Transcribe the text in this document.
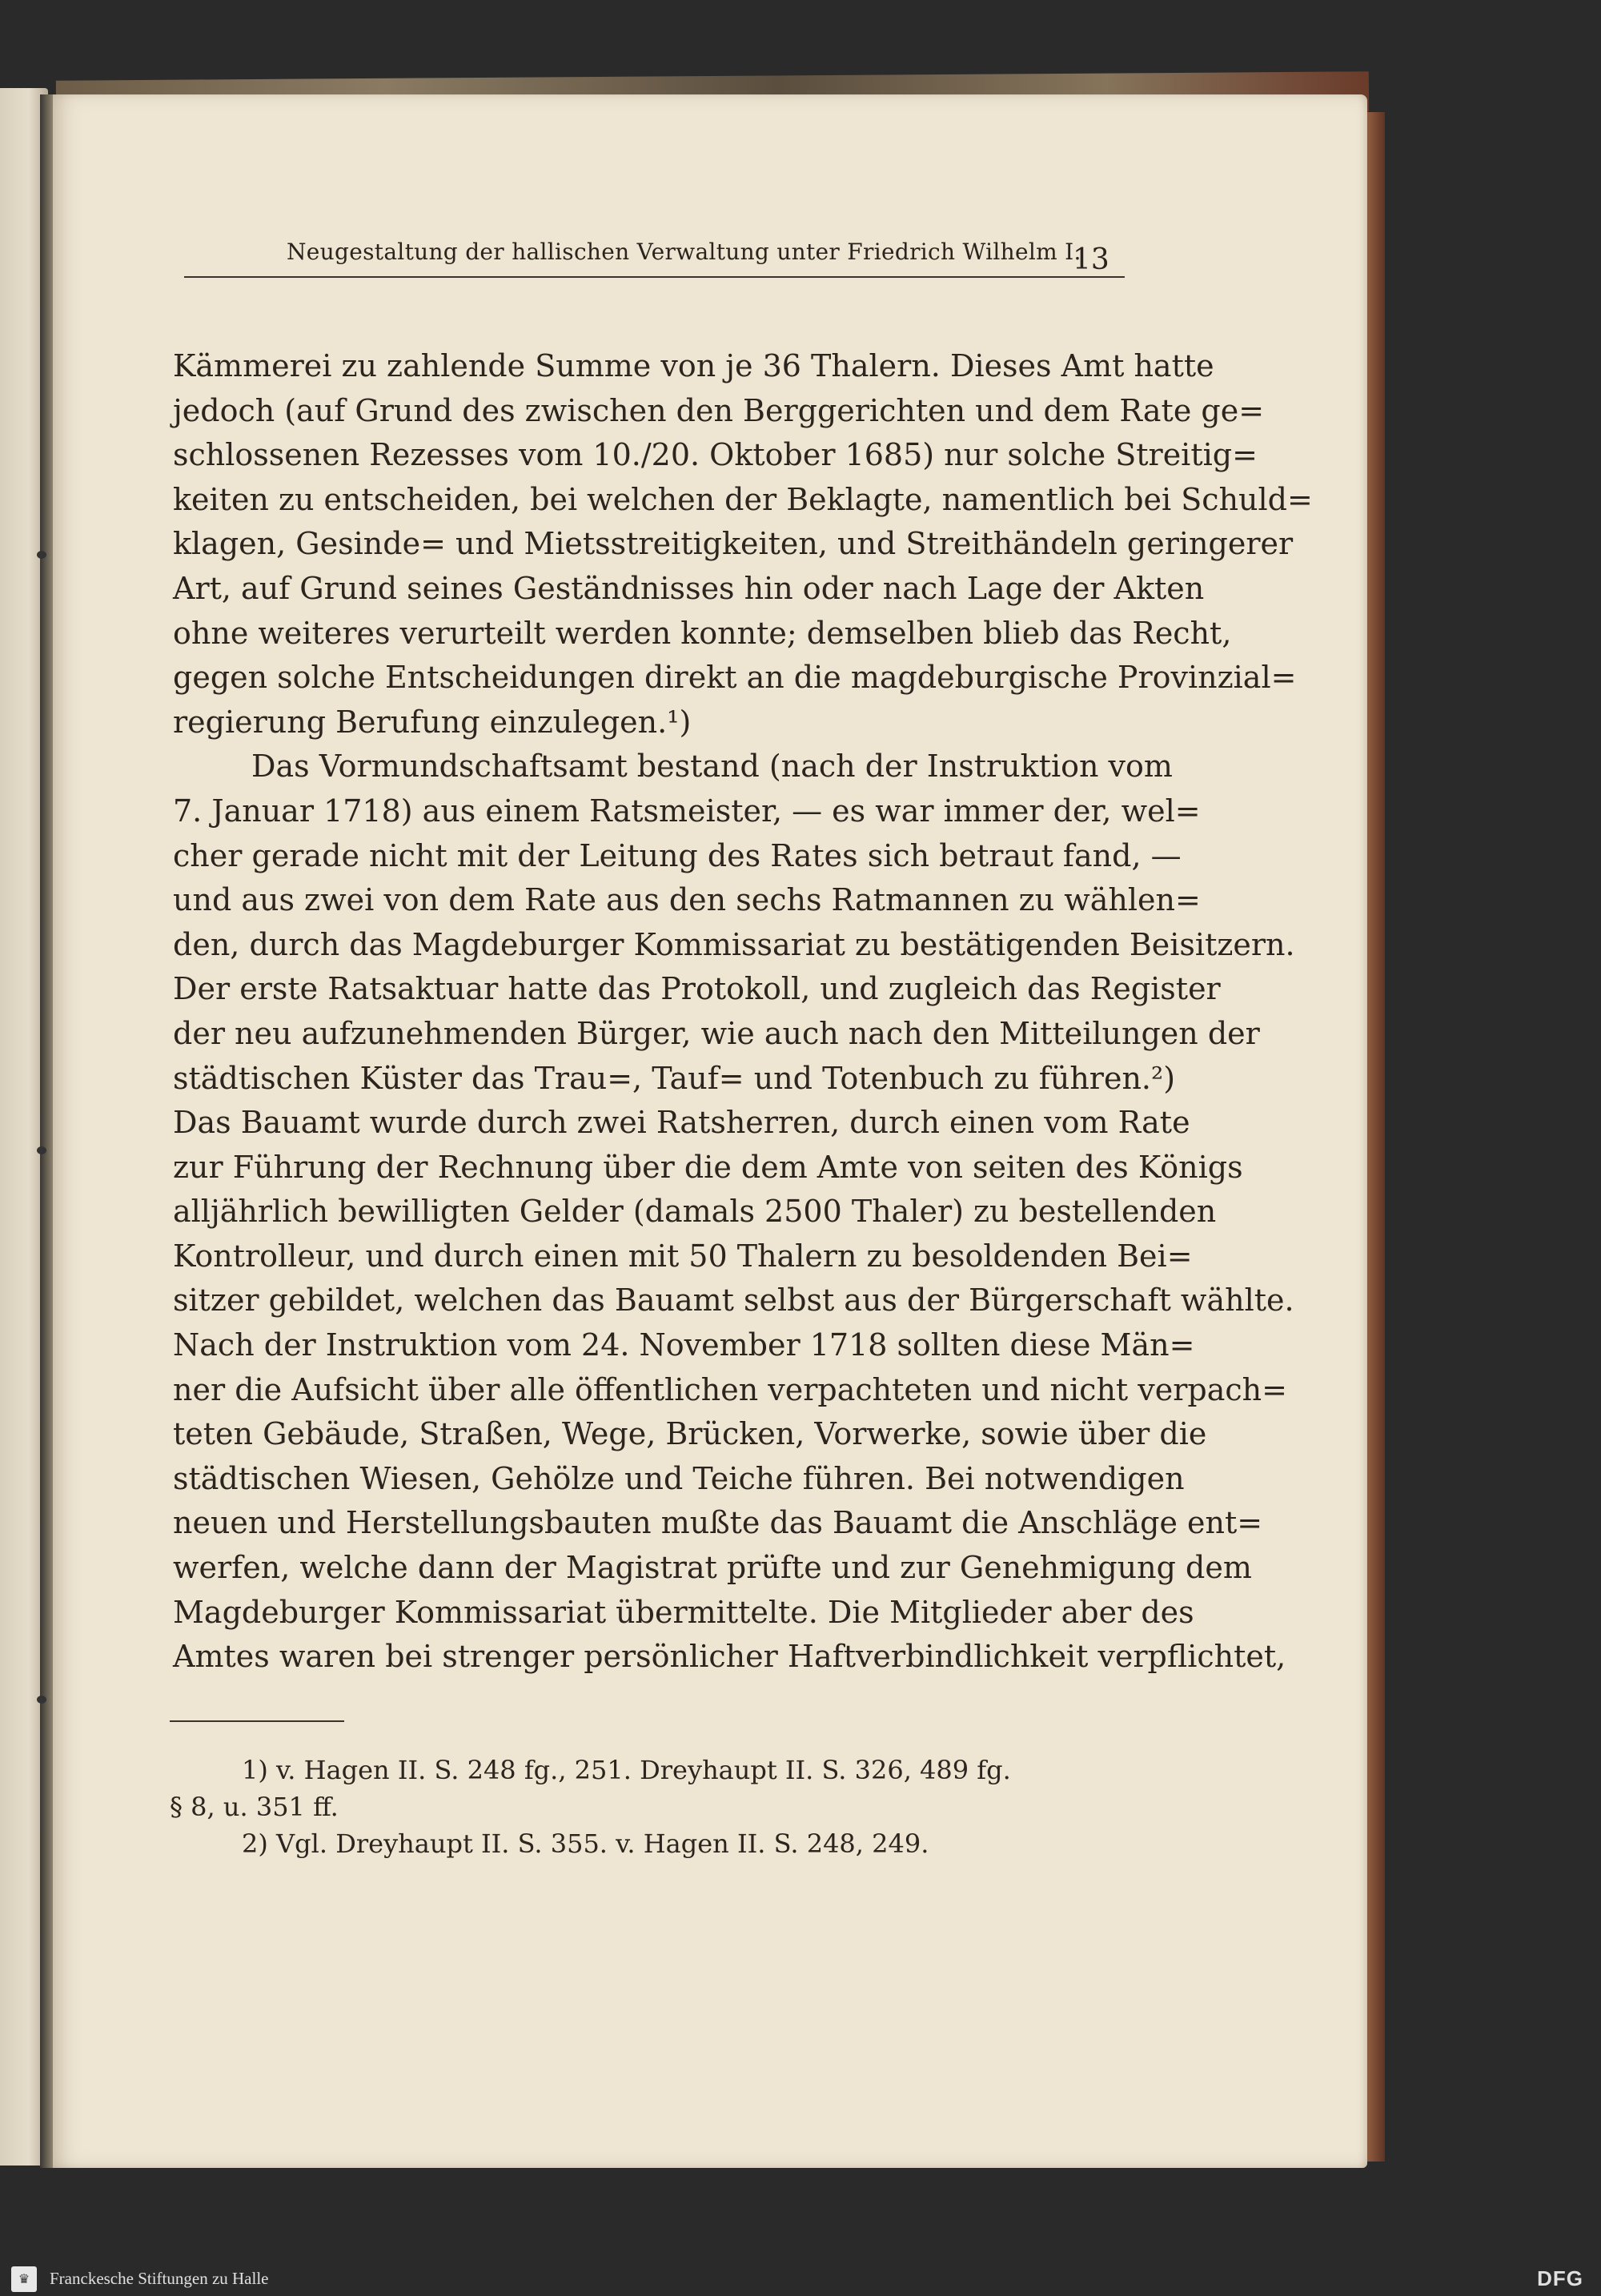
Neugestaltung der hallischen Verwaltung unter Friedrich Wilhelm I.
13
Kämmerei zu zahlende Summe von je 36 Thalern. Dieses Amt hatte
jedoch (auf Grund des zwischen den Berggerichten und dem Rate ge=
schlossenen Rezesses vom 10./20. Oktober 1685) nur solche Streitig=
keiten zu entscheiden, bei welchen der Beklagte, namentlich bei Schuld=
klagen, Gesinde= und Mietsstreitigkeiten, und Streithändeln geringerer
Art, auf Grund seines Geständnisses hin oder nach Lage der Akten
ohne weiteres verurteilt werden konnte; demselben blieb das Recht,
gegen solche Entscheidungen direkt an die magdeburgische Provinzial=
regierung Berufung einzulegen.¹)
Das Vormundschaftsamt bestand (nach der Instruktion vom
7. Januar 1718) aus einem Ratsmeister, — es war immer der, wel=
cher gerade nicht mit der Leitung des Rates sich betraut fand, —
und aus zwei von dem Rate aus den sechs Ratmannen zu wählen=
den, durch das Magdeburger Kommissariat zu bestätigenden Beisitzern.
Der erste Ratsaktuar hatte das Protokoll, und zugleich das Register
der neu aufzunehmenden Bürger, wie auch nach den Mitteilungen der
städtischen Küster das Trau=, Tauf= und Totenbuch zu führen.²)
Das Bauamt wurde durch zwei Ratsherren, durch einen vom Rate
zur Führung der Rechnung über die dem Amte von seiten des Königs
alljährlich bewilligten Gelder (damals 2500 Thaler) zu bestellenden
Kontrolleur, und durch einen mit 50 Thalern zu besoldenden Bei=
sitzer gebildet, welchen das Bauamt selbst aus der Bürgerschaft wählte.
Nach der Instruktion vom 24. November 1718 sollten diese Män=
ner die Aufsicht über alle öffentlichen verpachteten und nicht verpach=
teten Gebäude, Straßen, Wege, Brücken, Vorwerke, sowie über die
städtischen Wiesen, Gehölze und Teiche führen. Bei notwendigen
neuen und Herstellungsbauten mußte das Bauamt die Anschläge ent=
werfen, welche dann der Magistrat prüfte und zur Genehmigung dem
Magdeburger Kommissariat übermittelte. Die Mitglieder aber des
Amtes waren bei strenger persönlicher Haftverbindlichkeit verpflichtet,
1) v. Hagen II. S. 248 fg., 251. Dreyhaupt II. S. 326, 489 fg.
§ 8, u. 351 ff.
2) Vgl. Dreyhaupt II. S. 355. v. Hagen II. S. 248, 249.
♛	Franckesche Stiftungen zu Halle	DFG
